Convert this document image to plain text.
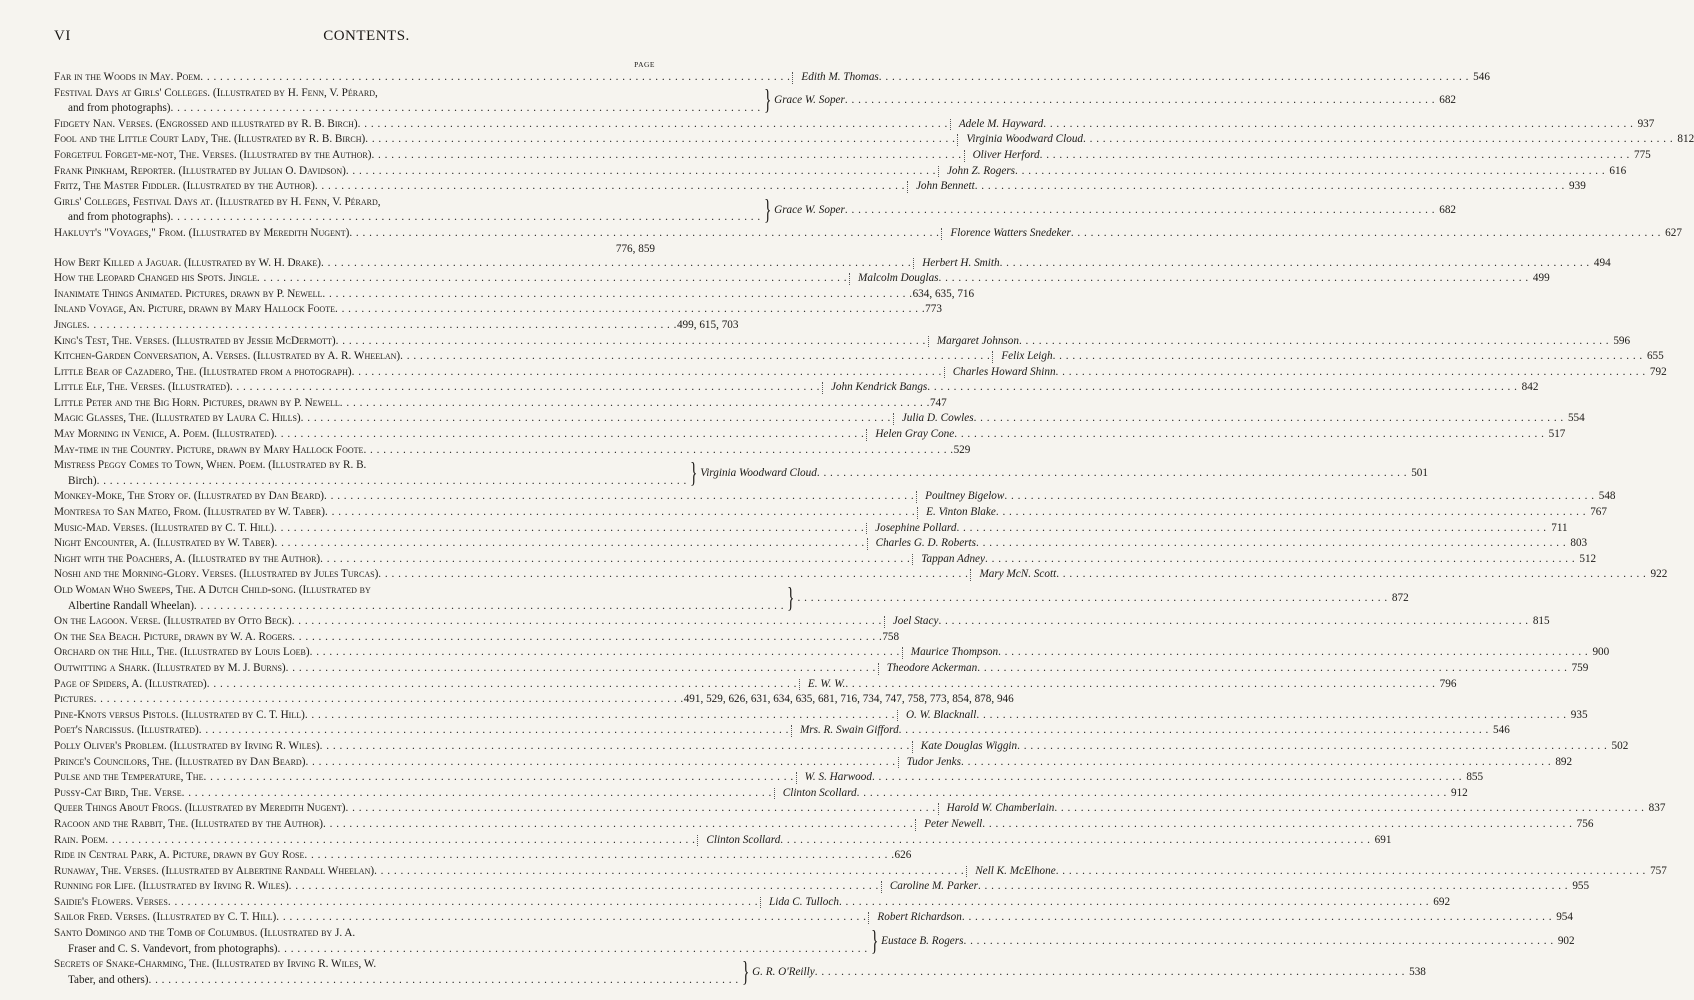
VI	CONTENTS.
PAGE
Far in the Woods in May. Poem . . .	Edith M. Thomas . . .	546
Festival Days at Girls' Colleges. (Illustrated by H. Fenn, V. Pérard,
and from photographs) . . .	} Grace W. Soper . . .	682
Fidgety Nan. Verses. (Engrossed and illustrated by R. B. Birch) . . .	Adele M. Hayward . . .	937
Fool and the Little Court Lady, The. (Illustrated by R. B. Birch) . . .	Virginia Woodward Cloud . . .	812
Forgetful Forget-me-not, The. Verses. (Illustrated by the Author) . . .	Oliver Herford . . .	775
Frank Pinkham, Reporter. (Illustrated by Julian O. Davidson) . . .	John Z. Rogers . . .	616
Fritz, The Master Fiddler. (Illustrated by the Author) . . .	John Bennett . . .	939
Girls' Colleges, Festival Days at. (Illustrated by H. Fenn, V. Pérard,
and from photographs) . . .	} Grace W. Soper . . .	682
Hakluyt's "Voyages," From. (Illustrated by Meredith Nugent) . . .	Florence Watters Snedeker . . .	627
776, 859
How Bert Killed a Jaguar. (Illustrated by W. H. Drake) . . .	Herbert H. Smith . . .	494
How the Leopard Changed his Spots. Jingle . . .	Malcolm Douglas . . .	499
Inanimate Things Animated. Pictures, drawn by P. Newell . . .	634, 635, 716
Inland Voyage, An. Picture, drawn by Mary Hallock Foote . . .	773
Jingles . . .	499, 615, 703
King's Test, The. Verses. (Illustrated by Jessie McDermott) . . .	Margaret Johnson . . .	596
Kitchen-Garden Conversation, A. Verses. (Illustrated by A. R. Wheelan) . . .	Felix Leigh . . .	655
Little Bear of Cazadero, The. (Illustrated from a photograph) . . .	Charles Howard Shinn . . .	792
Little Elf, The. Verses. (Illustrated) . . .	John Kendrick Bangs . . .	842
Little Peter and the Big Horn. Pictures, drawn by P. Newell . . .	747
Magic Glasses, The. (Illustrated by Laura C. Hills) . . .	Julia D. Cowles . . .	554
May Morning in Venice, A. Poem. (Illustrated) . . .	Helen Gray Cone . . .	517
May-time in the Country. Picture, drawn by Mary Hallock Foote . . .	529
Mistress Peggy Comes to Town, When. Poem. (Illustrated by R. B.
Birch) . . .	} Virginia Woodward Cloud . . .	501
Monkey-Moke, The Story of. (Illustrated by Dan Beard) . . .	Poultney Bigelow . . .	548
Montresa to San Mateo, From. (Illustrated by W. Taber) . . .	E. Vinton Blake . . .	767
Music-Mad. Verses. (Illustrated by C. T. Hill) . . .	Josephine Pollard . . .	711
Night Encounter, A. (Illustrated by W. Taber) . . .	Charles G. D. Roberts . . .	803
Night with the Poachers, A. (Illustrated by the Author) . . .	Tappan Adney . . .	512
Noshi and the Morning-Glory. Verses. (Illustrated by Jules Turcas) . . .	Mary McN. Scott . . .	922
Old Woman Who Sweeps, The. A Dutch Child-song. (Illustrated by
Albertine Randall Wheelan) . . .	} . . .	872
On the Lagoon. Verse. (Illustrated by Otto Beck) . . .	Joel Stacy . . .	815
On the Sea Beach. Picture, drawn by W. A. Rogers . . .	758
Orchard on the Hill, The. (Illustrated by Louis Loeb) . . .	Maurice Thompson . . .	900
Outwitting a Shark. (Illustrated by M. J. Burns) . . .	Theodore Ackerman . . .	759
Page of Spiders, A. (Illustrated) . . .	E. W. W. . . .	796
Pictures . . .	491, 529, 626, 631, 634, 635, 681, 716, 734, 747, 758, 773, 854, 878, 946
Pine-Knots versus Pistols. (Illustrated by C. T. Hill) . . .	O. W. Blacknall . . .	935
Poet's Narcissus. (Illustrated) . . .	Mrs. R. Swain Gifford . . .	546
Polly Oliver's Problem. (Illustrated by Irving R. Wiles) . . .	Kate Douglas Wiggin . . .	502
Prince's Councilors, The. (Illustrated by Dan Beard) . . .	Tudor Jenks . . .	892
Pulse and the Temperature, The . . .	W. S. Harwood . . .	855
Pussy-Cat Bird, The. Verse . . .	Clinton Scollard . . .	912
Queer Things About Frogs. (Illustrated by Meredith Nugent) . . .	Harold W. Chamberlain . . .	837
Racoon and the Rabbit, The. (Illustrated by the Author) . . .	Peter Newell . . .	756
Rain. Poem . . .	Clinton Scollard . . .	691
Ride in Central Park, A. Picture, drawn by Guy Rose . . .	626
Runaway, The. Verses. (Illustrated by Albertine Randall Wheelan) . . .	Nell K. McElhone . . .	757
Running for Life. (Illustrated by Irving R. Wiles) . . .	Caroline M. Parker . . .	955
Saidie's Flowers. Verses . . .	Lida C. Tulloch . . .	692
Sailor Fred. Verses. (Illustrated by C. T. Hill) . . .	Robert Richardson . . .	954
Santo Domingo and the Tomb of Columbus. (Illustrated by J. A.
Fraser and C. S. Vandevort, from photographs) . . .	} Eustace B. Rogers . . .	902
Secrets of Snake-Charming, The. (Illustrated by Irving R. Wiles, W.
Taber, and others) . . .	} G. R. O'Reilly . . .	538
